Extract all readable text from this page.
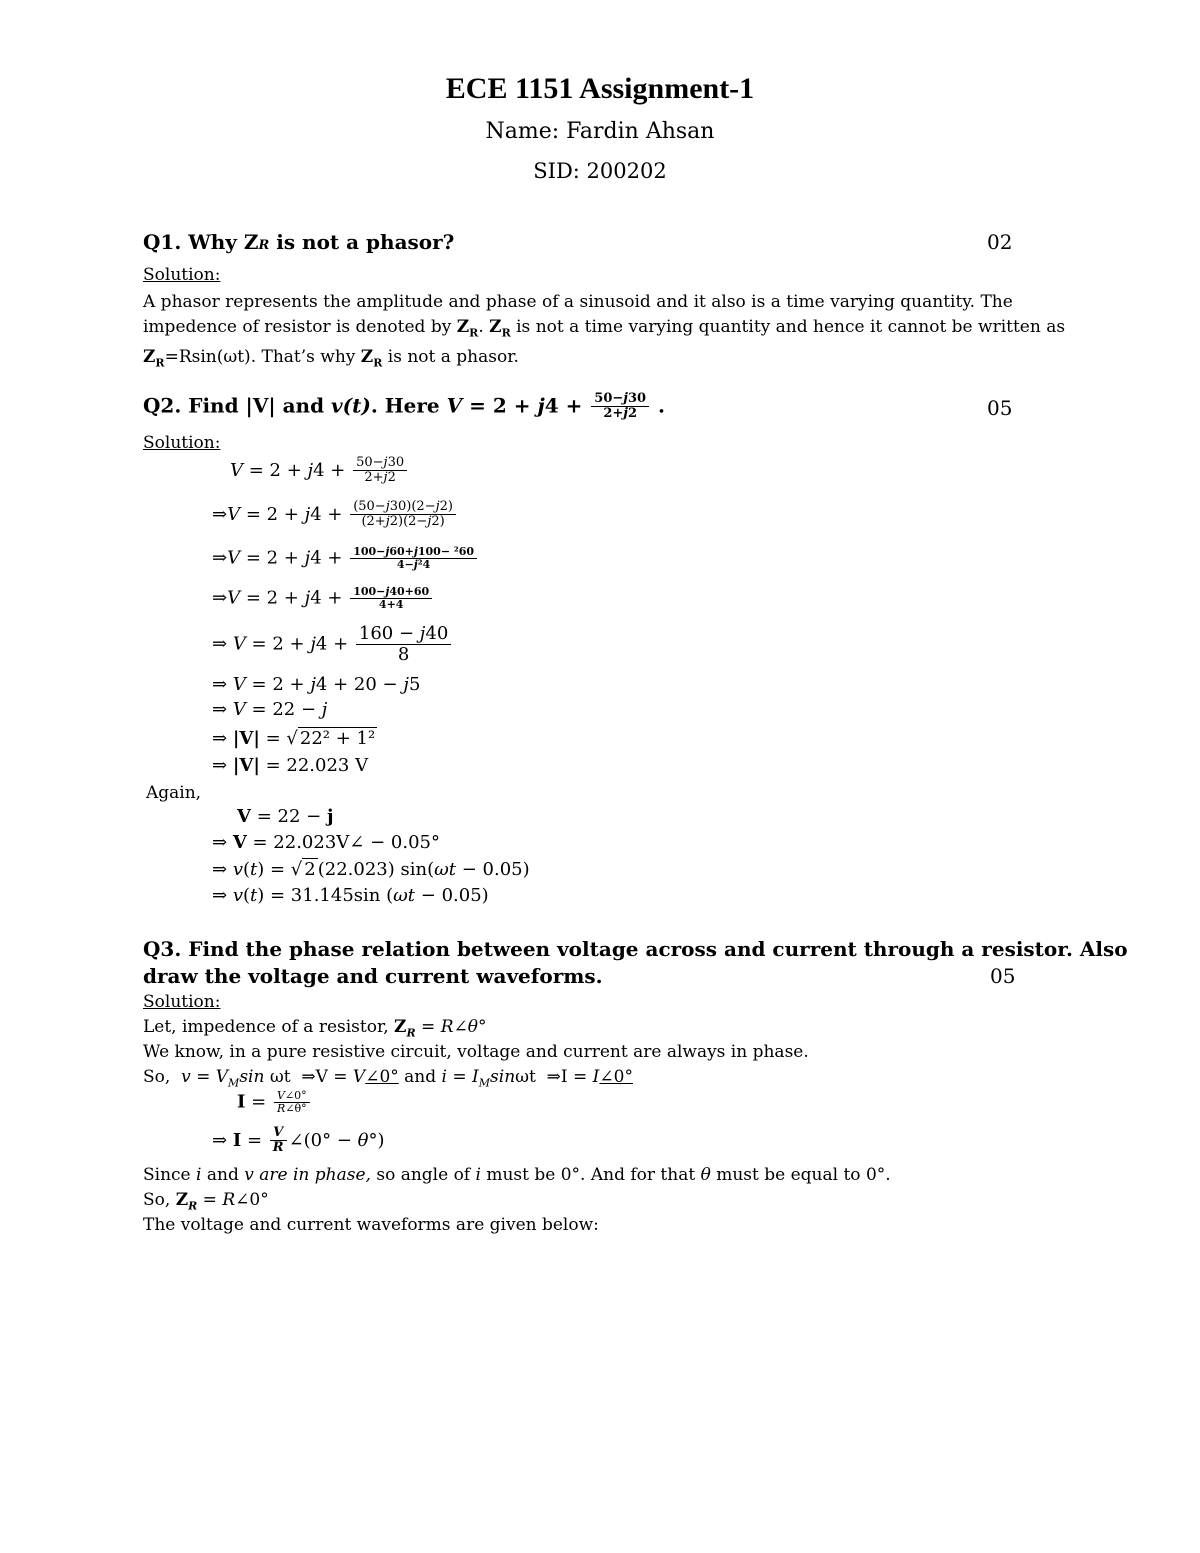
ECE 1151 Assignment-1
Name: Fardin Ahsan
SID: 200202
Q1. Why ZR is not a phasor?	02
Solution:
A phasor represents the amplitude and phase of a sinusoid and it also is a time varying quantity. The
impedence of resistor is denoted by $Z_R$. $Z_R$ is not a time varying quantity and hence it cannot be written as
$Z_R=Rsin(\omega t)$. That’s why $Z_R$ is not a phasor.
Q2. Find |V| and v(t). Here $V = 2 + j4 + \frac{50-j30}{2+j2}$ .	05
Solution:
$V = 2 + j4 + \frac{50-j30}{2+j2}$
⇒V = $2 + j4 + \frac{(50-j30)(2-j2)}{(2+j2)(2-j2)}$
⇒V = $2 + j4 + \frac{\text{100−j60+j100− ²60}}{\text{4−j²4}}$
⇒V = $2 + j4 + \frac{100-j40+60}{4+4}$
⇒ $V = 2 + j4 + \frac{160 - j40}{8}$
⇒ V = 2 + j4 + 20 − j5
⇒ V = 22 − j
⇒ |V| = √ 22² + 1²
⇒ |V| = 22.023 V
Again,
V = 22 − j
⇒ V = 22.023V∠ − 0.05°
⇒ v(t) = √ 2 (22.023) sin(ωt − 0.05)
⇒ v(t) = 31.145sin (ωt − 0.05)
Q3. Find the phase relation between voltage across and current through a resistor. Also
draw the voltage and current waveforms.	05
Solution:
Let, impedence of a resistor, $Z_R$ = R∠θ°
We know, in a pure resistive circuit, voltage and current are always in phase.
So,  $v = V_M\sin$ ωt  ⇒V = V∠0° and $i = I_M\sin\omega t$  ⇒I = I∠0°
$I = \frac{V\angle 0^\circ}{R\angle\theta^\circ}$
⇒ $I = \frac{V}{R}$ ∠(0° − θ°)
Since i and v are in phase, so angle of i must be 0°. And for that θ must be equal to 0°.
So, $Z_R$ = R∠0°
The voltage and current waveforms are given below:
